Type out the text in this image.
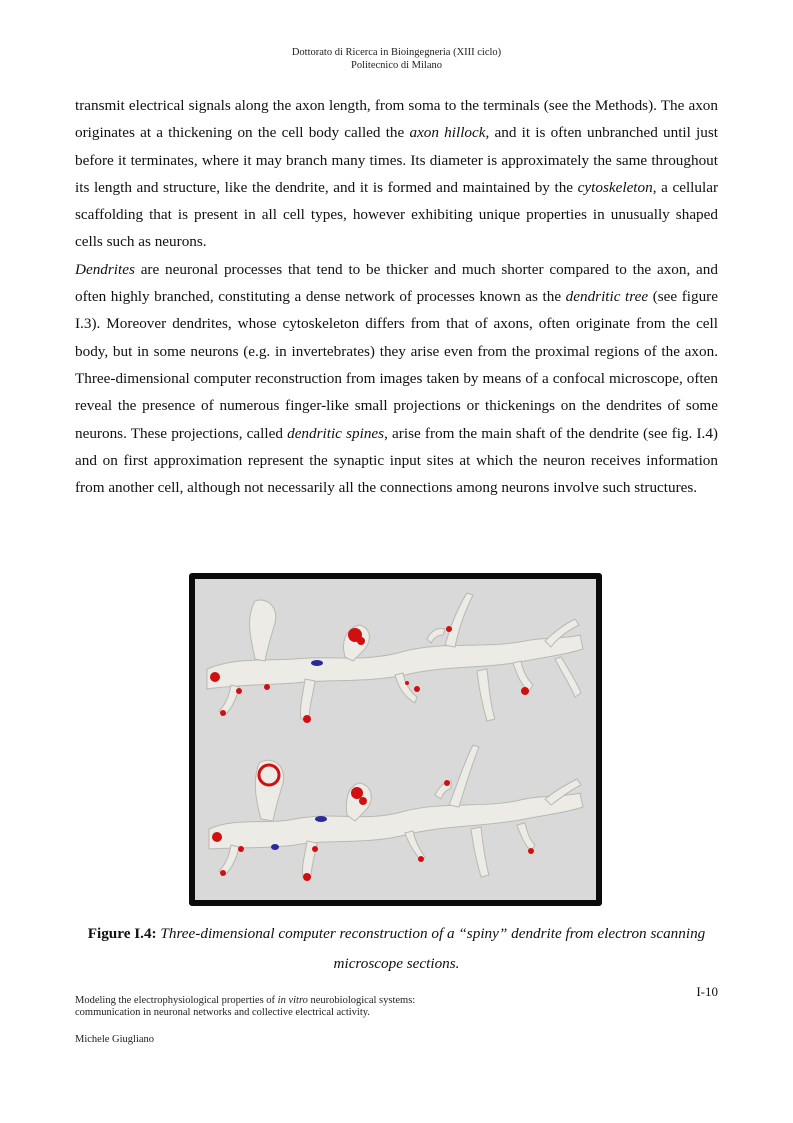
Dottorato di Ricerca in Bioingegneria (XIII ciclo)
Politecnico di Milano

transmit electrical signals along the axon length, from soma to the terminals (see the Methods). The axon originates at a thickening on the cell body called the axon hillock, and it is often unbranched until just before it terminates, where it may branch many times. Its diameter is approximately the same throughout its length and structure, like the dendrite, and it is formed and maintained by the cytoskeleton, a cellular scaffolding that is present in all cell types, however exhibiting unique properties in unusually shaped cells such as neurons.

Dendrites are neuronal processes that tend to be thicker and much shorter compared to the axon, and often highly branched, constituting a dense network of processes known as the dendritic tree (see figure I.3). Moreover dendrites, whose cytoskeleton differs from that of axons, often originate from the cell body, but in some neurons (e.g. in invertebrates) they arise even from the proximal regions of the axon. Three-dimensional computer reconstruction from images taken by means of a confocal microscope, often reveal the presence of numerous finger-like small projections or thickenings on the dendrites of some neurons. These projections, called dendritic spines, arise from the main shaft of the dendrite (see fig. I.4) and on first approximation represent the synaptic input sites at which the neuron receives information from another cell, although not necessarily all the connections among neurons involve such structures.

Figure I.4: Three-dimensional computer reconstruction of a “spiny” dendrite from electron scanning microscope sections.
I-10
Modeling the electrophysiological properties of in vitro neurobiological systems:
communication in neuronal networks and collective electrical activity.
Michele Giugliano
